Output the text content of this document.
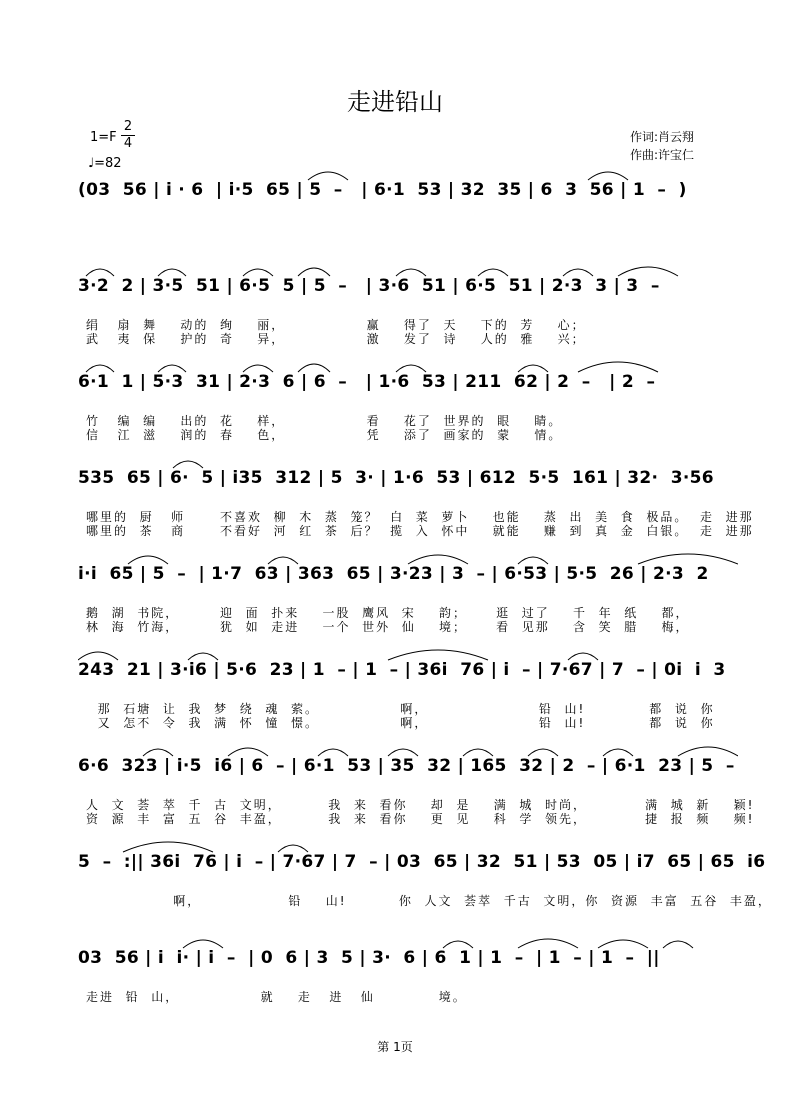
走进铅山
1=F
2
4
♩=82
作词:肖云翔
作曲:许宝仁
(03  56 | i · 6  | i·5  65 | 5  –   | 6·1  53 | 32  35 | 6  3  56 | 1  –  )
3·2  2 | 3·5  51 | 6·5  5 | 5  –   | 3·6  51 | 6·5  51 | 2·3  3 | 3  –
绢   扇  舞    动的  绚    丽，              赢    得了  天    下的  芳    心；
武   夷  保    护的  奇    异，              激    发了  诗    人的  雅    兴；
6·1  1 | 5·3  31 | 2·3  6 | 6  –   | 1·6  53 | 211  62 | 2  –   | 2  –
竹   编  编    出的  花    样，              看    花了  世界的  眼    睛。
信   江  滋    润的  春    色，              凭    添了  画家的  蒙    情。
535  65 | 6·  5 | i35  312 | 5  3· | 1·6  53 | 612  5·5  161 | 32·  3·56
哪里的  厨   师      不喜欢  柳  木  蒸  笼？  白  菜  萝卜    也能    蒸  出  美  食  极品。  走  进那
哪里的  茶   商      不看好  河  红  茶  后？  揽  入  怀中    就能    赚  到  真  金  白银。  走  进那
i·i  65 | 5  –  | 1·7  63 | 363  65 | 3·23 | 3  – | 6·53 | 5·5  26 | 2·3  2
鹅  湖  书院，       迎  面  扑来    一股  鹰风  宋    韵；     逛  过了    千  年  纸    都，
林  海  竹海，       犹  如  走进    一个  世外  仙    境；     看  见那    含  笑  腊    梅，
243  21 | 3·i6 | 5·6  23 | 1  – | 1  – | 36i  76 | i  – | 7·67 | 7  – | 0i  i  3
那  石塘  让  我  梦  绕  魂  萦。              啊，                   铅  山!           都  说  你
又  怎不  令  我  满  怀  憧  憬。              啊，                   铅  山!           都  说  你
6·6  323 | i·5  i6 | 6  – | 6·1  53 | 35  32 | 165  32 | 2  – | 6·1  23 | 5  –
人  文  荟  萃  千  古  文明，        我  来  看你    却  是    满  城  时尚，          满  城  新    颖!
资  源  丰  富  五  谷  丰盈，        我  来  看你    更  见    科  学  领先，          捷  报  频    频!
5  –  :|| 36i  76 | i  – | 7·67 | 7  – | 03  65 | 32  51 | 53  05 | i7  65 | 65  i6
啊，               铅    山!         你  人文  荟萃  千古  文明，你  资源  丰富  五谷  丰盈，
03  56 | i  i· | i  –  | 0  6 | 3  5 | 3·  6 | 6  1 | 1  –  | 1  – | 1  –  ||
走进  铅  山，              就    走   进   仙           境。
第 1页
